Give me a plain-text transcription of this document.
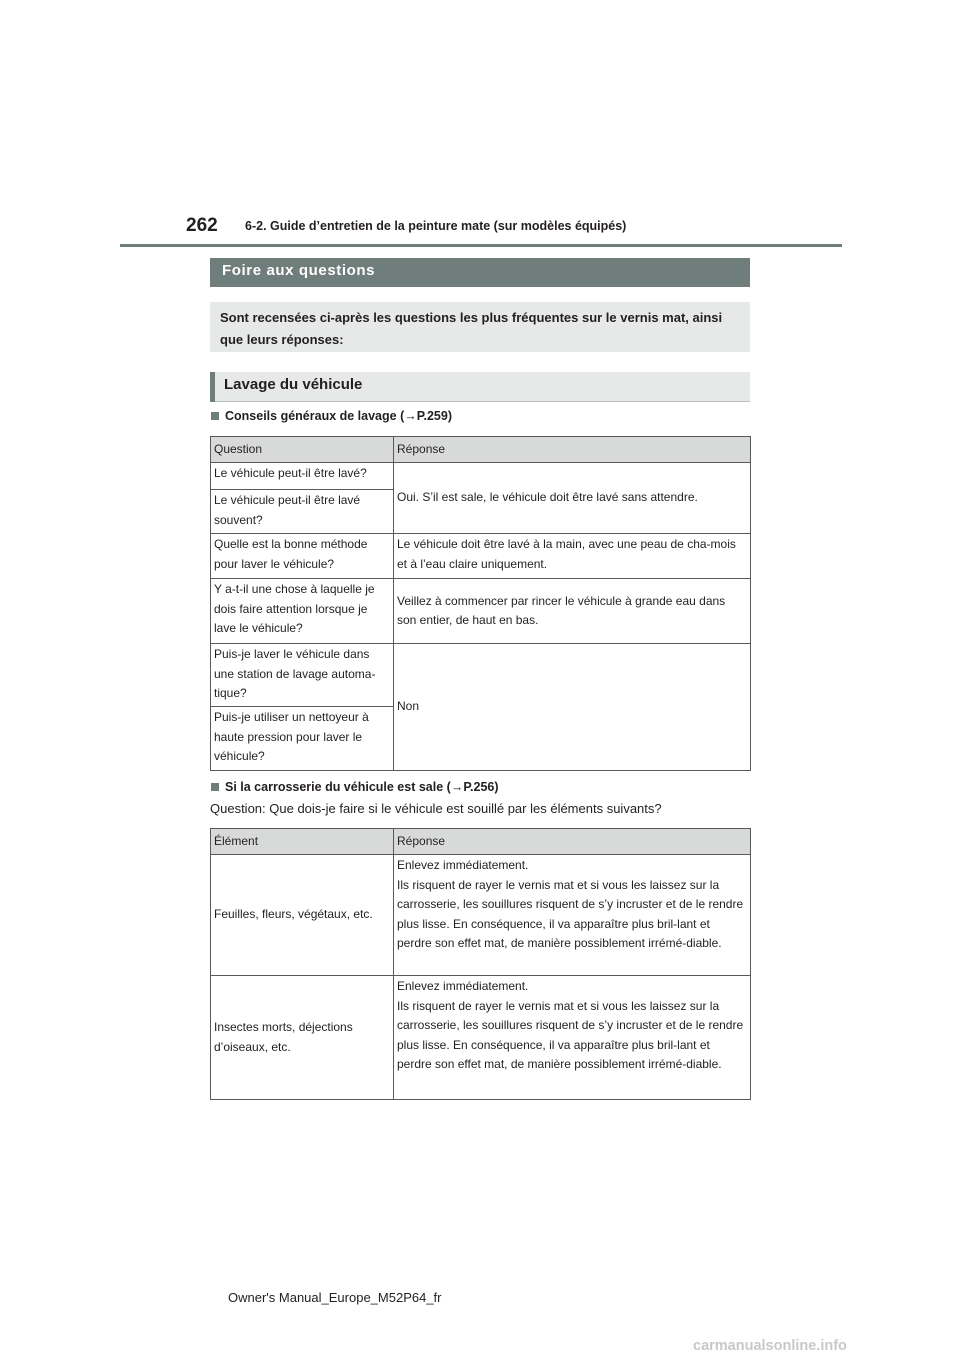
262 6-2. Guide d’entretien de la peinture mate (sur modèles équipés)
Foire aux questions
Sont recensées ci-après les questions les plus fréquentes sur le vernis mat, ainsi que leurs réponses:
Lavage du véhicule
Conseils généraux de lavage ( → P.259 )
Question	Réponse
Le véhicule peut-il être lavé?	Oui. S’il est sale, le véhicule doit être lavé sans attendre.
Le véhicule peut-il être lavé souvent?	
Quelle est la bonne méthode pour laver le véhicule?	Le véhicule doit être lavé à la main, avec une peau de cha-mois et à l’eau claire uniquement.
Y a-t-il une chose à laquelle je dois faire attention lorsque je lave le véhicule?	Veillez à commencer par rincer le véhicule à grande eau dans son entier, de haut en bas.
Puis-je laver le véhicule dans une station de lavage automa-tique?	Non
Puis-je utiliser un nettoyeur à haute pression pour laver le véhicule?	
Si la carrosserie du véhicule est sale ( → P.256 )
Question: Que dois-je faire si le véhicule est souillé par les éléments suivants?
Élément	Réponse
Feuilles, fleurs, végétaux, etc.	Enlevez immédiatement.
Ils risquent de rayer le vernis mat et si vous les laissez sur la carrosserie, les souillures risquent de s’y incruster et de le rendre plus lisse. En conséquence, il va apparaître plus bril-lant et perdre son effet mat, de manière possiblement irrémé-diable.

Insectes morts, déjections d’oiseaux, etc.	Enlevez immédiatement.
Ils risquent de rayer le vernis mat et si vous les laissez sur la carrosserie, les souillures risquent de s’y incruster et de le rendre plus lisse. En conséquence, il va apparaître plus bril-lant et perdre son effet mat, de manière possiblement irrémé-diable.
Owner's Manual_Europe_M52P64_fr
carmanualsonline.info
